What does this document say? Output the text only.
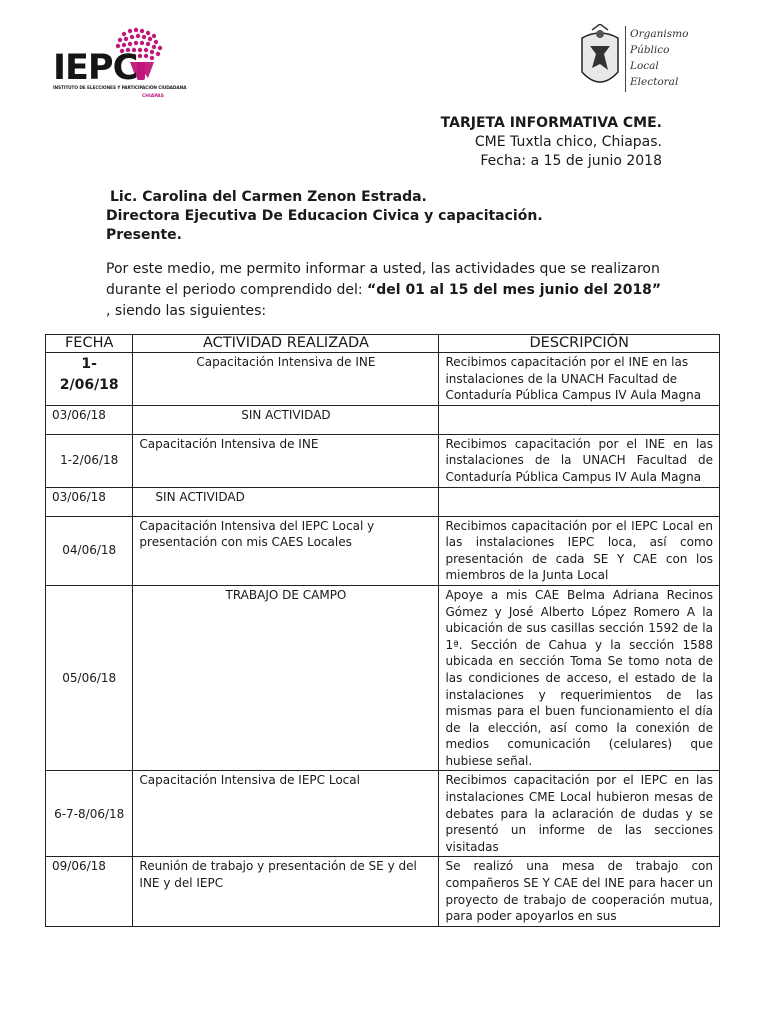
IEPC
INSTITUTO DE ELECCIONES Y PARTICIPACIÓN CIUDADANA
CHIAPAS
Organismo
Público
Local
Electoral
TARJETA INFORMATIVA CME.
CME Tuxtla chico, Chiapas.
Fecha: a 15 de junio 2018
Lic. Carolina del Carmen Zenon Estrada.
Directora Ejecutiva De Educacion Civica y capacitación.
Presente.
Por este medio, me permito informar a usted, las actividades que se realizaron durante el periodo comprendido del: “del 01 al 15 del mes junio del 2018” , siendo las siguientes:
FECHA	ACTIVIDAD REALIZADA	DESCRIPCIÓN
1-2/06/18	Capacitación Intensiva de INE	Recibimos capacitación por el INE en las instalaciones de la UNACH Facultad de Contaduría Pública Campus IV Aula Magna
03/06/18	SIN ACTIVIDAD	
1-2/06/18	Capacitación Intensiva de INE	Recibimos capacitación por el INE en las instalaciones de la UNACH Facultad de Contaduría Pública Campus IV Aula Magna
03/06/18	SIN ACTIVIDAD	
04/06/18	Capacitación Intensiva del IEPC Local y presentación con mis CAES Locales	Recibimos capacitación por el IEPC Local en las instalaciones IEPC loca, así como presentación de cada SE Y CAE con los miembros de la Junta Local
05/06/18	TRABAJO DE CAMPO	Apoye a mis CAE Belma Adriana Recinos Gómez y José Alberto López Romero A la ubicación de sus casillas sección 1592 de la 1ª. Sección de Cahua y la sección 1588 ubicada en sección Toma Se tomo nota de las condiciones de acceso, el estado de la instalaciones y requerimientos de las mismas para el buen funcionamiento el día de la elección, así como la conexión de medios comunicación (celulares) que hubiese señal.
6-7-8/06/18	Capacitación Intensiva de IEPC Local	Recibimos capacitación por el IEPC en las instalaciones CME Local hubieron mesas de debates para la aclaración de dudas y se presentó un informe de las secciones visitadas
09/06/18	Reunión de trabajo y presentación de SE y del INE y del IEPC	Se realizó una mesa de trabajo con compañeros SE Y CAE del INE para hacer un proyecto de trabajo de cooperación mutua, para poder apoyarlos en sus
